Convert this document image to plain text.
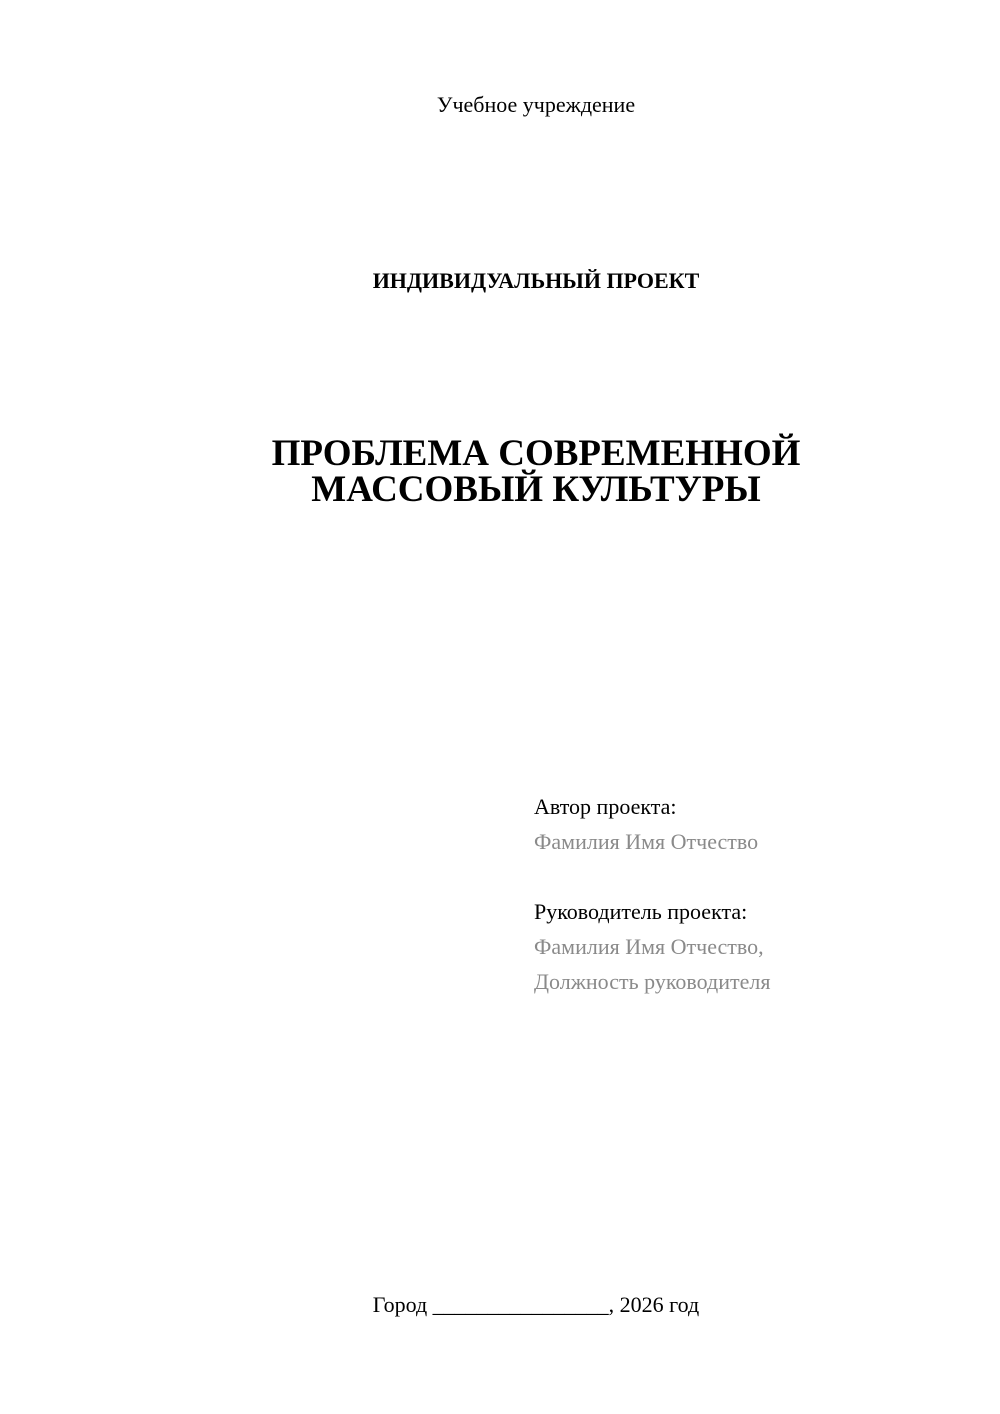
Учебное учреждение
ИНДИВИДУАЛЬНЫЙ ПРОЕКТ
ПРОБЛЕМА СОВРЕМЕННОЙ
МАССОВЫЙ КУЛЬТУРЫ
Автор проекта:
Фамилия Имя Отчество
Руководитель проекта:
Фамилия Имя Отчество,
Должность руководителя
Город ________________, 2026 год
